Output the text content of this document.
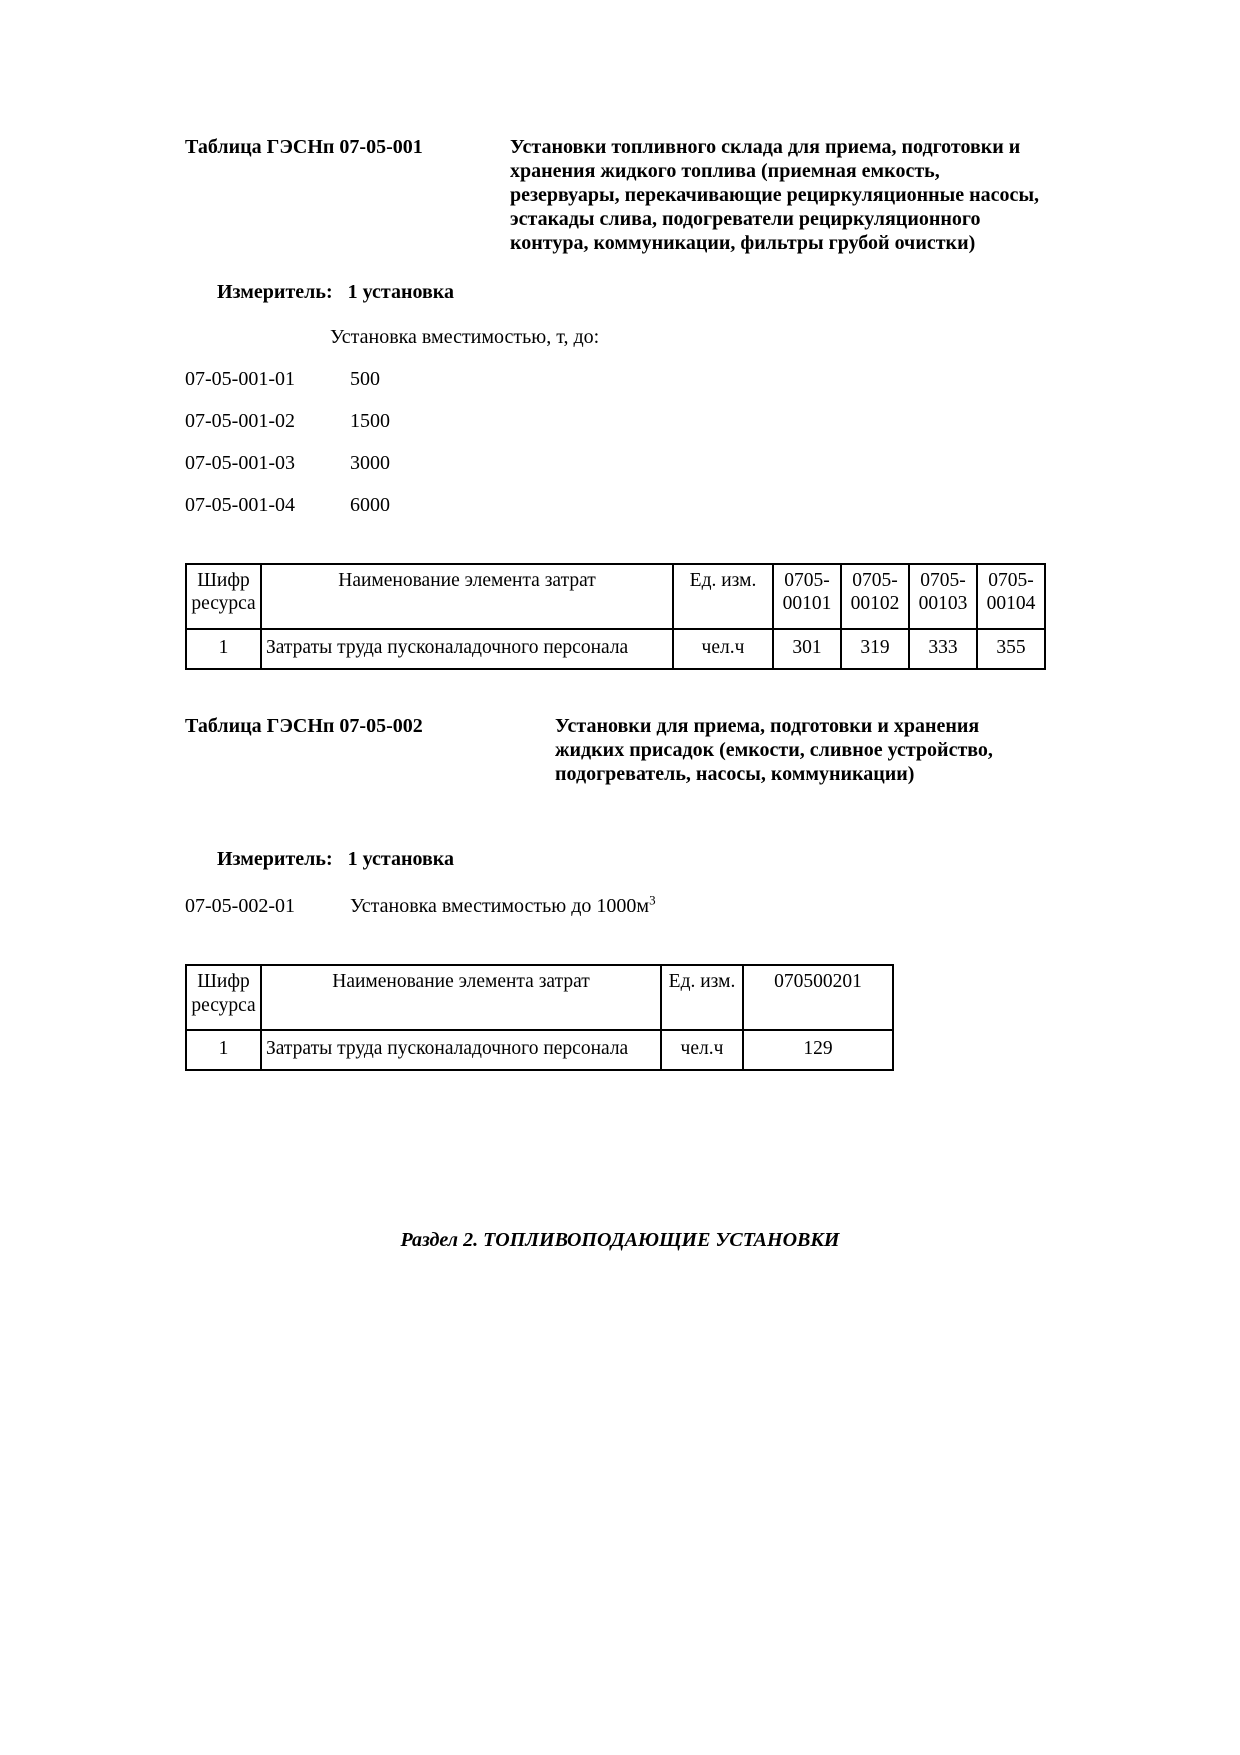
Таблица ГЭСНп 07-05-001	Установки топливного склада для приема, подготовки и хранения жидкого топлива (приемная емкость, резервуары, перекачивающие рециркуляционные насосы, эстакады слива, подогреватели рециркуляционного контура, коммуникации, фильтры грубой очистки)
Измеритель: 1 установка
Установка вместимостью, т, до:
07-05-001-01	500
07-05-001-02	1500
07-05-001-03	3000
07-05-001-04	6000
Шифр ресурса	Наименование элемента затрат	Ед. изм.	0705-00101	0705-00102	0705-00103	0705-00104
1	Затраты труда пусконаладочного персонала	чел.ч	301	319	333	355
Таблица ГЭСНп 07-05-002	Установки для приема, подготовки и хранения жидких присадок (емкости, сливное устройство, подогреватель, насосы, коммуникации)
Измеритель: 1 установка
07-05-002-01	Установка вместимостью до $1000м^3$
Шифр ресурса	Наименование элемента затрат	Ед. изм.	070500201
1	Затраты труда пусконаладочного персонала	чел.ч	129
Раздел 2. ТОПЛИВОПОДАЮЩИЕ УСТАНОВКИ
